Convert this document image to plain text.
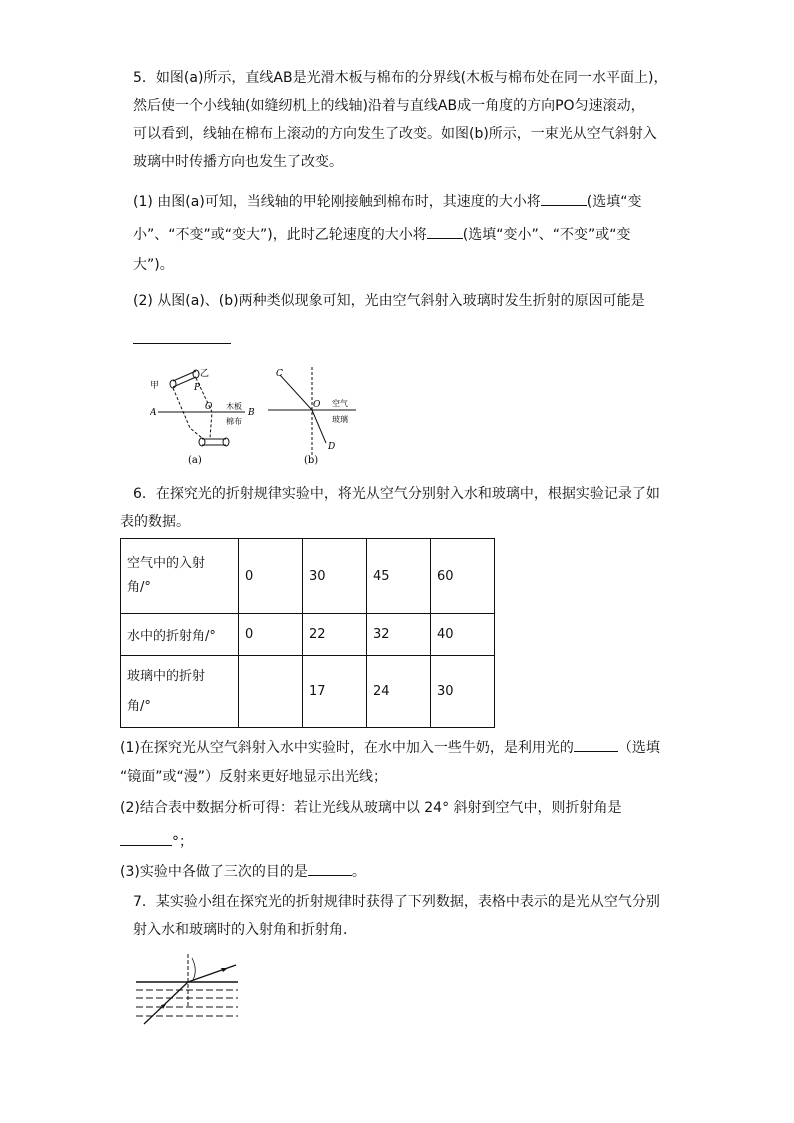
5．如图(a)所示，直线AB是光滑木板与棉布的分界线(木板与棉布处在同一水平面上)，
然后使一个小线轴(如缝纫机上的线轴)沿着与直线AB成一角度的方向PO匀速滚动，
可以看到，线轴在棉布上滚动的方向发生了改变。如图(b)所示，一束光从空气斜射入
玻璃中时传播方向也发生了改变。
(1) 由图(a)可知，当线轴的甲轮刚接触到棉布时，其速度的大小将	(选填“变
小”、“不变”或“变大”)，此时乙轮速度的大小将	(选填“变小”、“不变”或“变
大”)。
(2) 从图(a)、(b)两种类似现象可知，光由空气斜射入玻璃时发生折射的原因可能是
甲
乙
P
O
A	B
木板
棉布
(a)
C
O
D
空气
玻璃
(b)
6．在探究光的折射规律实验中，将光从空气分别射入水和玻璃中，根据实验记录了如
表的数据。
空气中的入射
角/°	0	30	45	60
水中的折射角/°	0	22	32	40

玻璃中的折射
角/°		17	24	30
(1)在探究光从空气斜射入水中实验时，在水中加入一些牛奶，是利用光的	（选填
“镜面”或“漫”）反射来更好地显示出光线；
(2)结合表中数据分析可得：若让光线从玻璃中以 24° 斜射到空气中，则折射角是
°；
(3)实验中各做了三次的目的是	。
7．某实验小组在探究光的折射规律时获得了下列数据，表格中表示的是光从空气分别
射入水和玻璃时的入射角和折射角．
